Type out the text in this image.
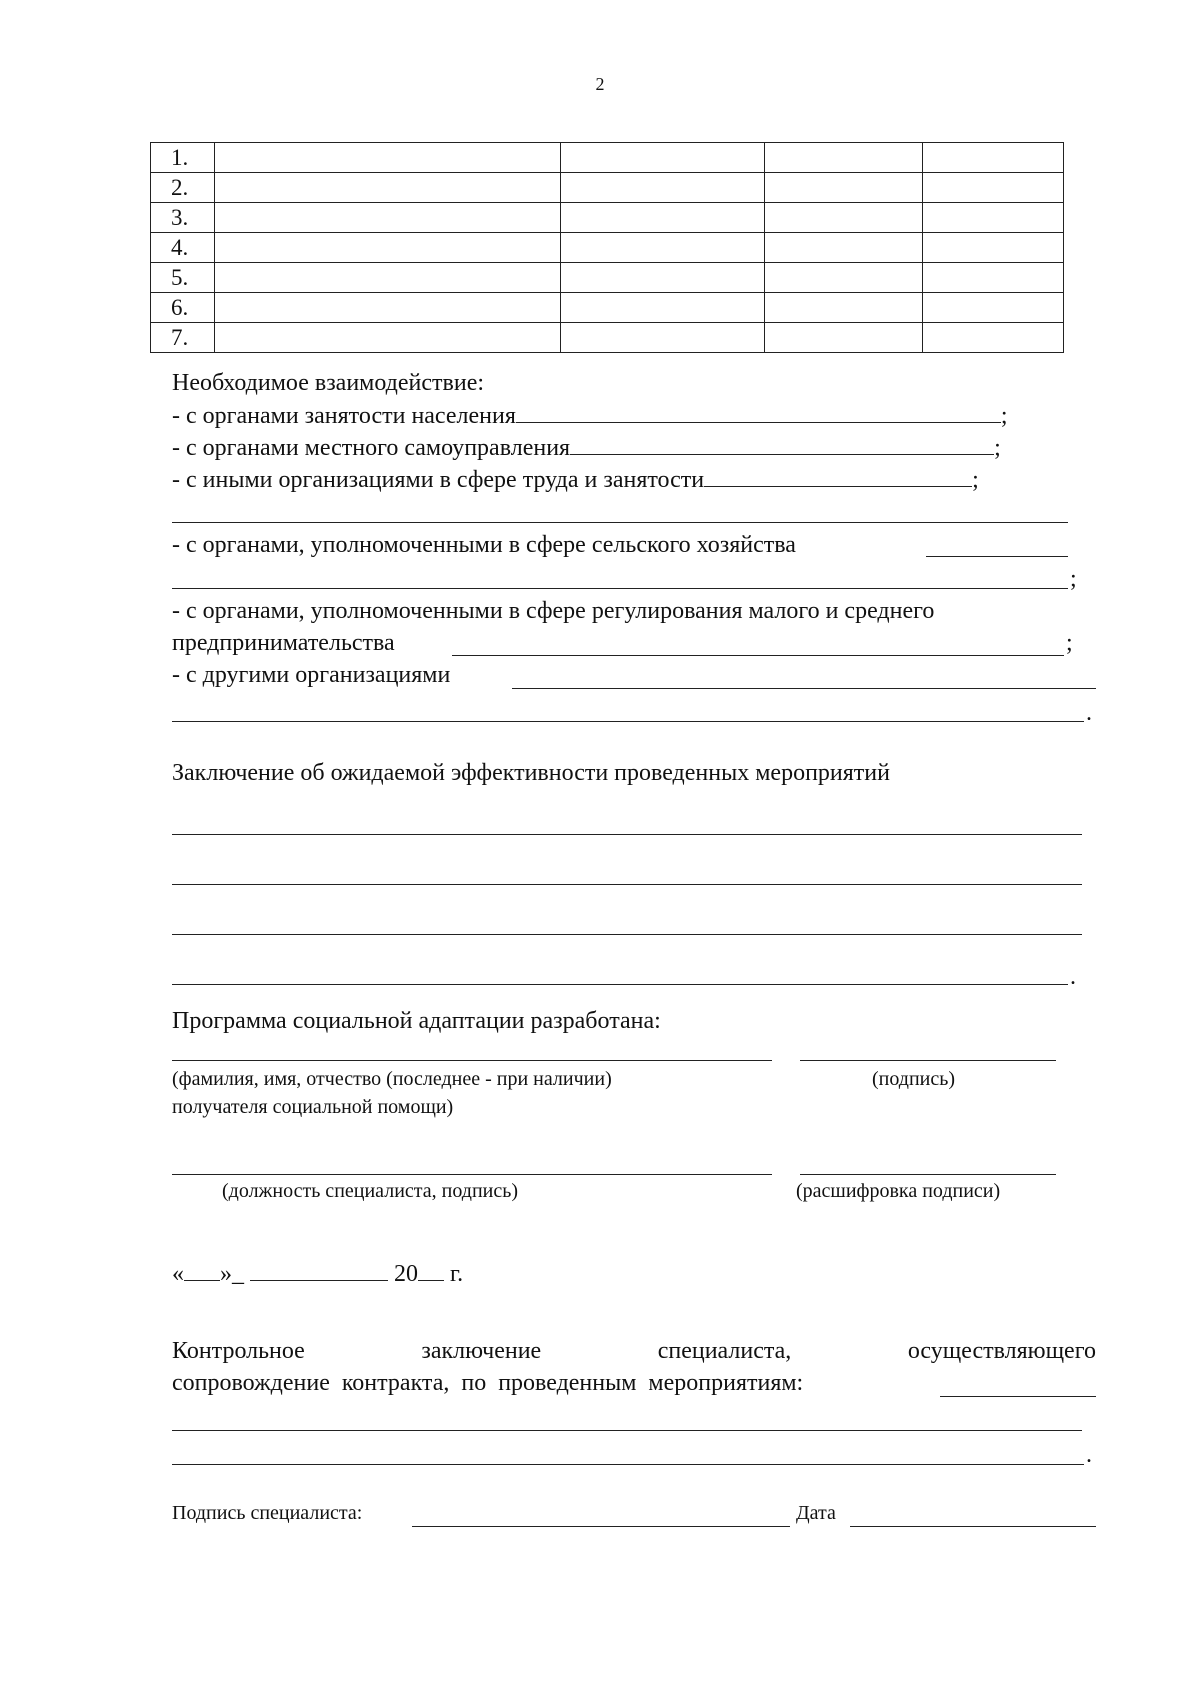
2
1.				
2.				
3.				
4.				
5.				
6.				
7.				
Необходимое взаимодействие:
- с органами занятости населения	;
- с органами местного самоуправления	;
- с иными организациями в сфере труда и занятости	;
- с органами, уполномоченными в сфере сельского хозяйства
;
- с органами, уполномоченными в сфере регулирования малого и среднего
предпринимательства	;
- с другими организациями
.
Заключение об ожидаемой эффективности проведенных мероприятий
.
Программа социальной адаптации разработана:
(фамилия, имя, отчество (последнее - при наличии)
получателя социальной помощи)
(подпись)
(должность специалиста, подпись)	(расшифровка подписи)
« »_	20 г.
Контрольное	заключение	специалиста,	осуществляющего
сопровождение  контракта,  по  проведенным  мероприятиям:
.
Подпись специалиста:	Дата
